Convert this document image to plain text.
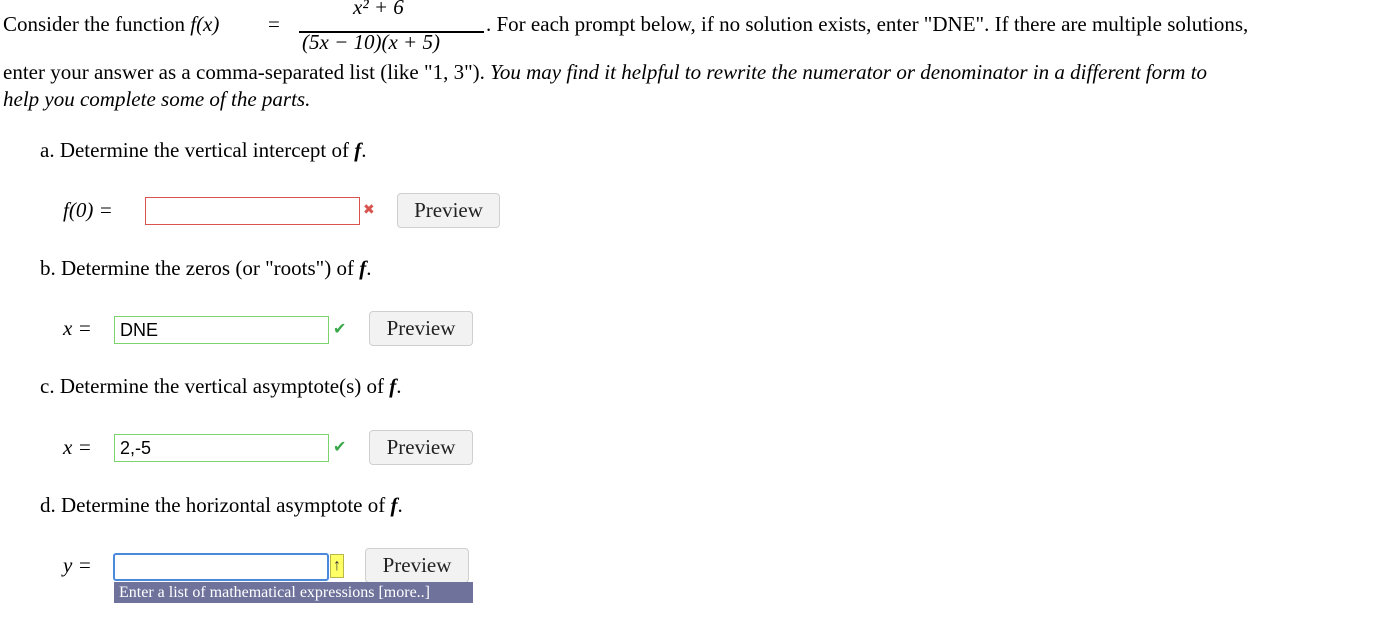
Consider the function f(x) =
x² + 6
(5x − 10)(x + 5)
. For each prompt below, if no solution exists, enter "DNE". If there are multiple solutions,
enter your answer as a comma-separated list (like "1, 3"). You may find it helpful to rewrite the numerator or denominator in a different form to
help you complete some of the parts.
a. Determine the vertical intercept of f.
f(0) =	✖	Preview
b. Determine the zeros (or "roots") of f.
x =
DNE	✔	Preview
c. Determine the vertical asymptote(s) of f.
x =
2,-5	✔	Preview
d. Determine the horizontal asymptote of f.
y =	↑	Preview
Enter a list of mathematical expressions [more..]
